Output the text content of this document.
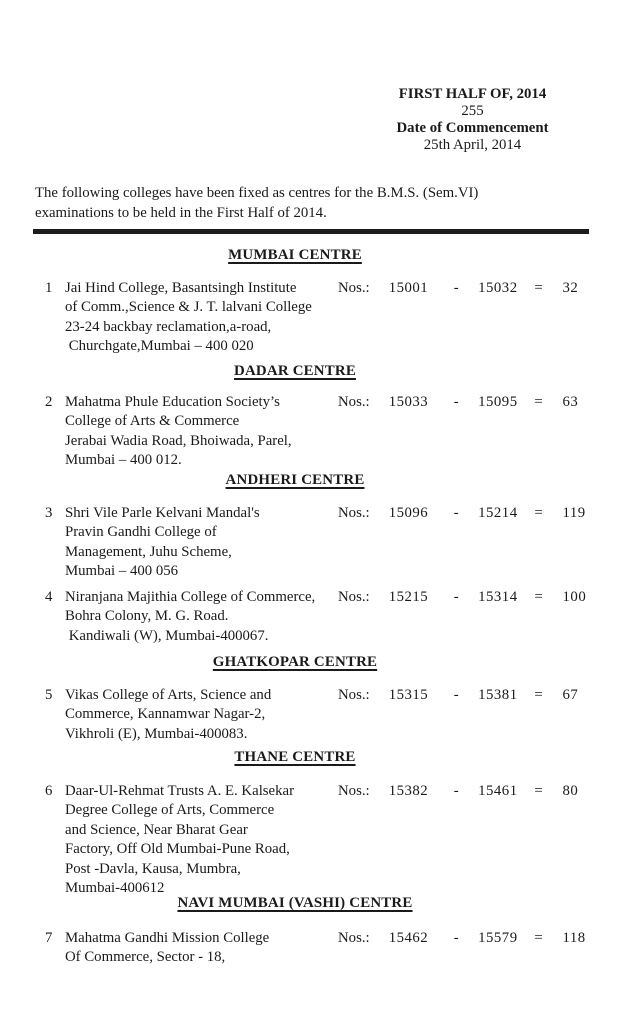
FIRST HALF OF, 2014
255
Date of Commencement
25th April, 2014
The following colleges have been fixed as centres for the B.M.S. (Sem.VI)
examinations to be held in the First Half of 2014.
MUMBAI CENTRE
1 Jai Hind College, Basantsingh Institute
of Comm.,Science & J. T. lalvani College
23-24 backbay reclamation,a-road,
Churchgate,Mumbai – 400 020
Nos.: 15001 - 15032 = 32
DADAR CENTRE
2 Mahatma Phule Education Society’s
College of Arts & Commerce
Jerabai Wadia Road, Bhoiwada, Parel,
Mumbai – 400 012.
Nos.: 15033 - 15095 = 63
ANDHERI CENTRE
3 Shri Vile Parle Kelvani Mandal's
Pravin Gandhi College of
Management, Juhu Scheme,
Mumbai – 400 056
Nos.: 15096 - 15214 = 119
4 Niranjana Majithia College of Commerce,
Bohra Colony, M. G. Road.
Kandiwali (W), Mumbai-400067.
Nos.: 15215 - 15314 = 100
GHATKOPAR CENTRE
5 Vikas College of Arts, Science and
Commerce, Kannamwar Nagar-2,
Vikhroli (E), Mumbai-400083.
Nos.: 15315 - 15381 = 67
THANE CENTRE
6 Daar-Ul-Rehmat Trusts A. E. Kalsekar
Degree College of Arts, Commerce
and Science, Near Bharat Gear
Factory, Off Old Mumbai-Pune Road,
Post -Davla, Kausa, Mumbra,
Mumbai-400612
Nos.: 15382 - 15461 = 80
NAVI MUMBAI (VASHI) CENTRE
7 Mahatma Gandhi Mission College
Of Commerce, Sector - 18,
Nos.: 15462 - 15579 = 118
